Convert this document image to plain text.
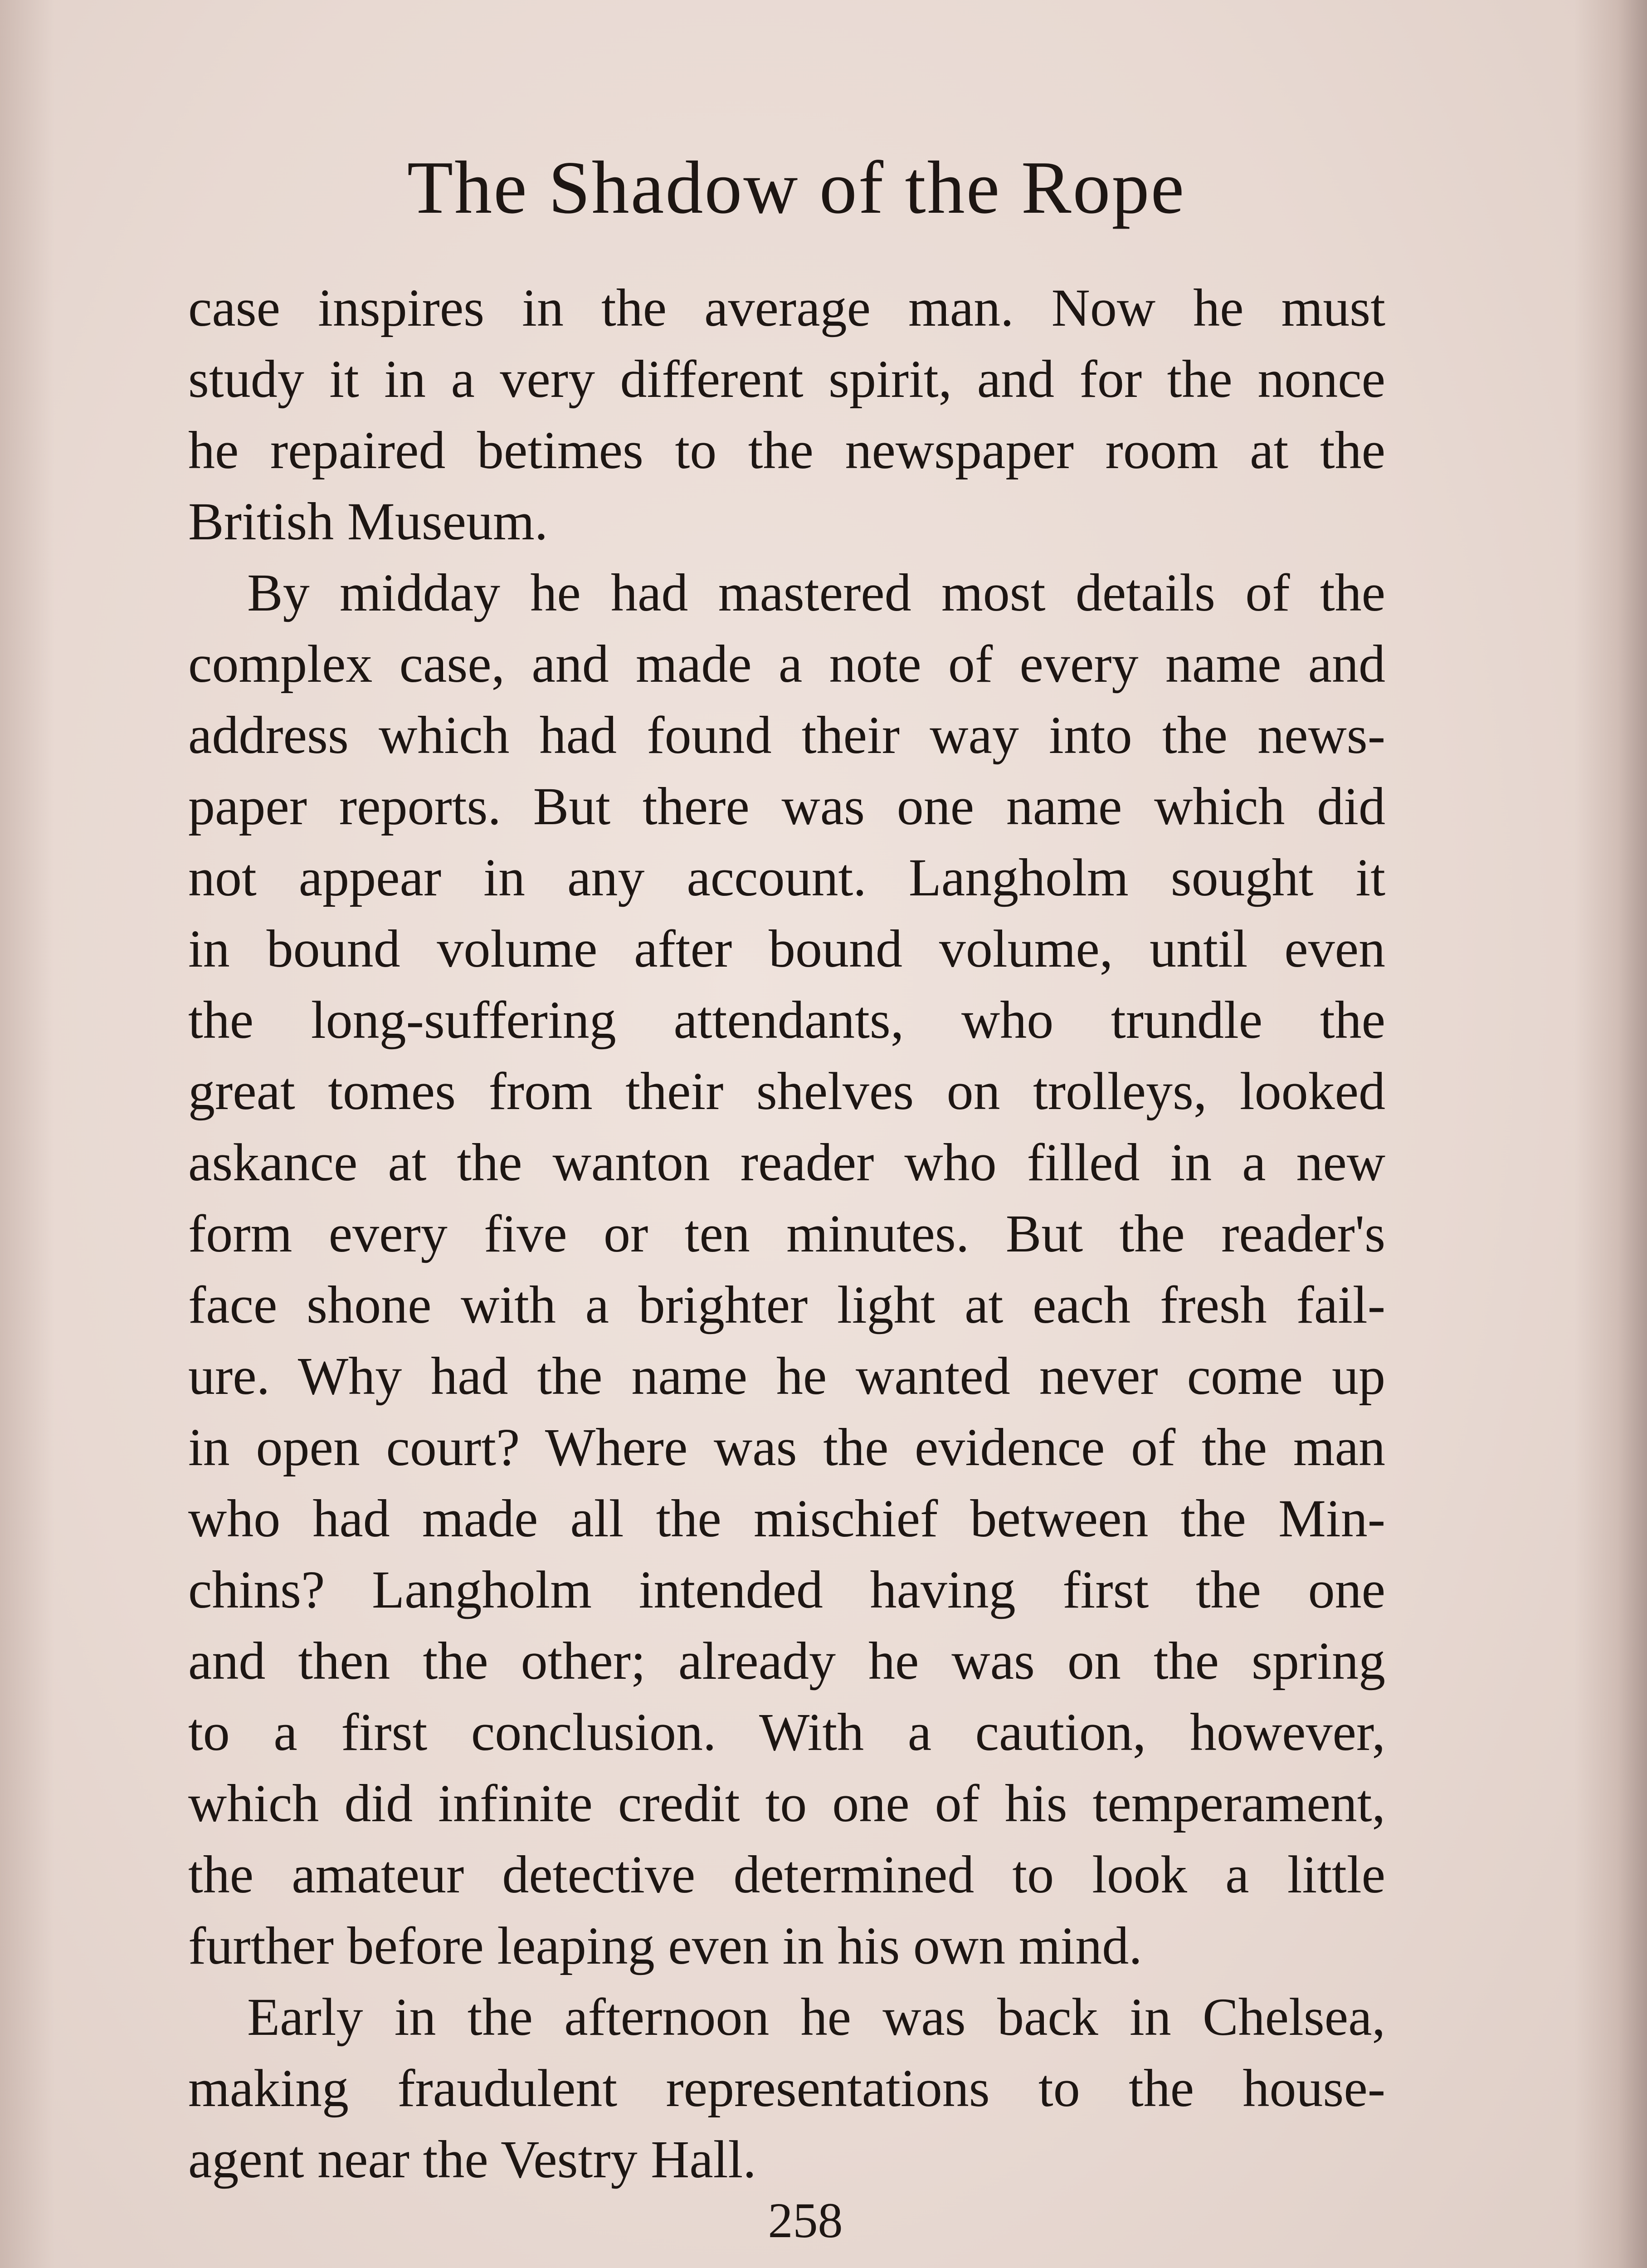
The Shadow of the Rope
case inspires in the average man. Now he must
study it in a very different spirit, and for the nonce
he repaired betimes to the newspaper room at the
British Museum.
By midday he had mastered most details of the
complex case, and made a note of every name and
address which had found their way into the news-
paper reports. But there was one name which did
not appear in any account. Langholm sought it
in bound volume after bound volume, until even
the long-suffering attendants, who trundle the
great tomes from their shelves on trolleys, looked
askance at the wanton reader who filled in a new
form every five or ten minutes. But the reader's
face shone with a brighter light at each fresh fail-
ure. Why had the name he wanted never come up
in open court? Where was the evidence of the man
who had made all the mischief between the Min-
chins? Langholm intended having first the one
and then the other; already he was on the spring
to a first conclusion. With a caution, however,
which did infinite credit to one of his temperament,
the amateur detective determined to look a little
further before leaping even in his own mind.
Early in the afternoon he was back in Chelsea,
making fraudulent representations to the house-
agent near the Vestry Hall.
258
